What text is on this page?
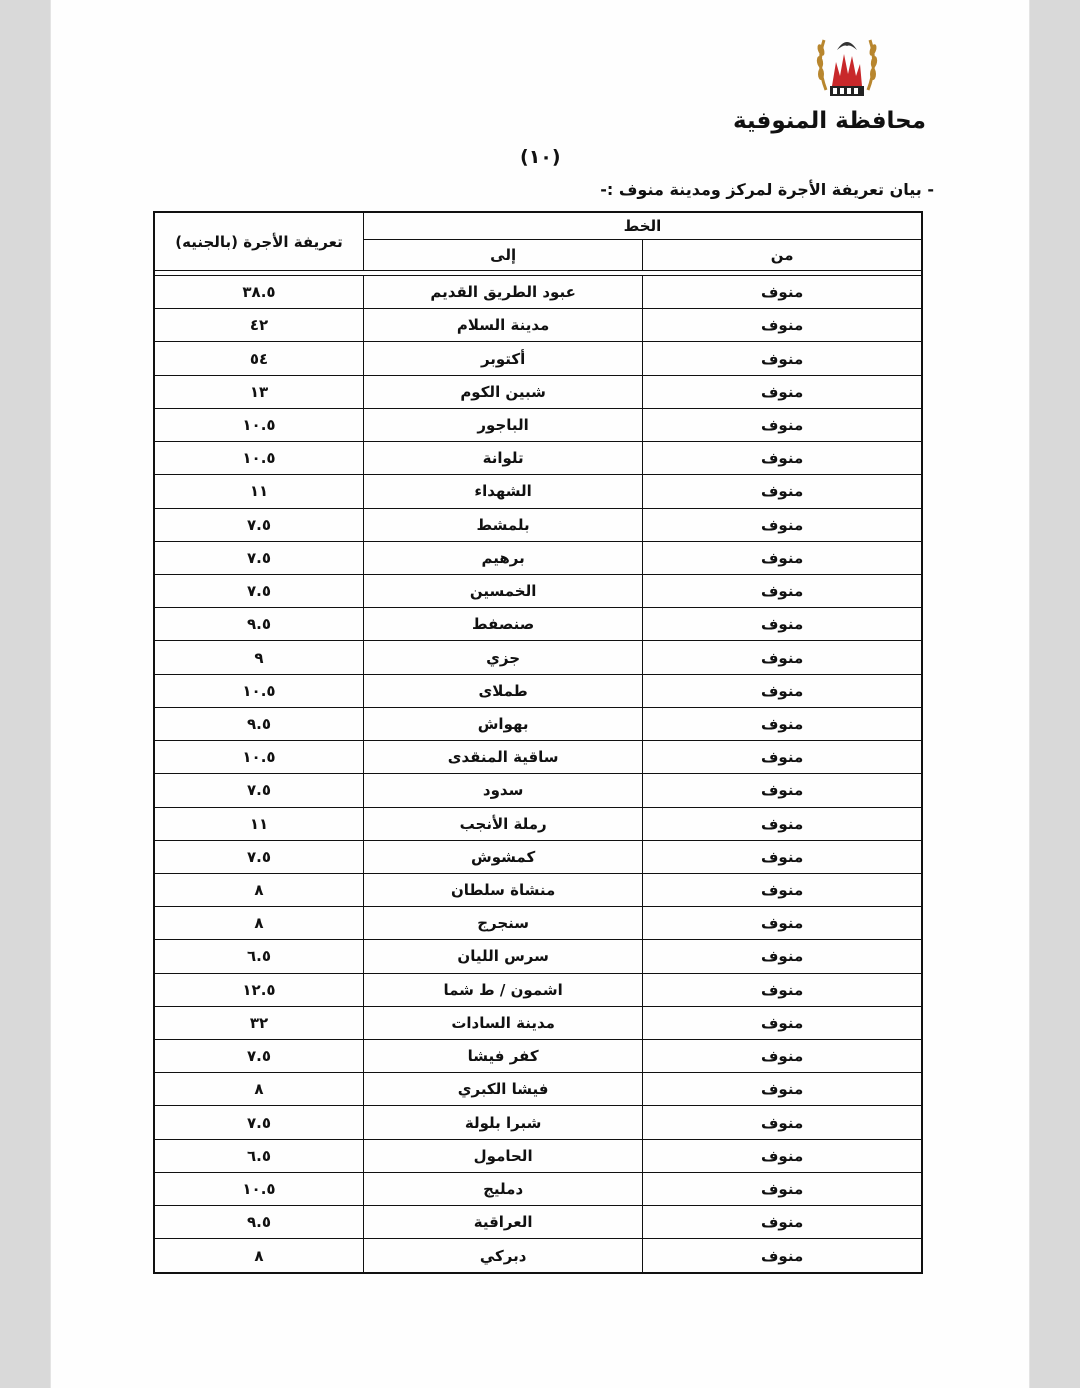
محافظة المنوفية
(١٠)
- بيان تعريفة الأجرة لمركز ومدينة منوف :-
الخط		تعريفة الأجرة (بالجنيه)
من	إلى	

منوف	عبود الطريق القديم	٣٨.٥
منوف	مدينة السلام	٤٢
منوف	أكتوبر	٥٤
منوف	شبين الكوم	١٣
منوف	الباجور	١٠.٥
منوف	تلوانة	١٠.٥
منوف	الشهداء	١١
منوف	بلمشط	٧.٥
منوف	برهيم	٧.٥
منوف	الخمسين	٧.٥
منوف	صنصفط	٩.٥
منوف	جزي	٩
منوف	طملاى	١٠.٥
منوف	بهواش	٩.٥
منوف	ساقية المنقدى	١٠.٥
منوف	سدود	٧.٥
منوف	رملة الأنجب	١١
منوف	كمشوش	٧.٥
منوف	منشاة سلطان	٨
منوف	سنجرج	٨
منوف	سرس الليان	٦.٥
منوف	اشمون / ط شما	١٢.٥
منوف	مدينة السادات	٣٢
منوف	كفر فيشا	٧.٥
منوف	فيشا الكبري	٨
منوف	شبرا بلولة	٧.٥
منوف	الحامول	٦.٥
منوف	دمليج	١٠.٥
منوف	العراقية	٩.٥
منوف	دبركي	٨
